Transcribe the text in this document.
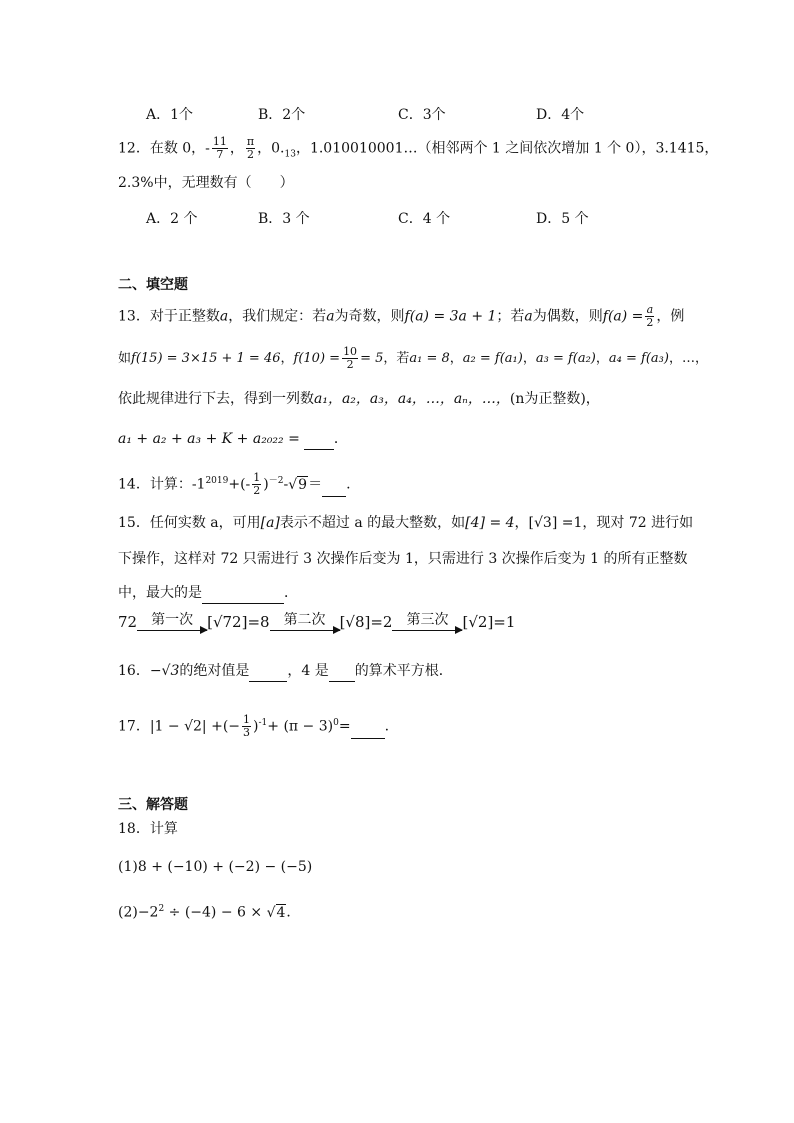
A．1个	B．2个	C．3个	D．4个
12．在数 0，- $\frac{11}{7}$ ， $\frac{\pi}{2}$ ，$0._{13}$，1.010010001…（相邻两个 1 之间依次增加 1 个 0），3.1415，
2.3%中，无理数有（　　）
A．2 个	B．3 个	C．4 个	D．5 个
二、填空题
13．对于正整数a，我们规定：若a为奇数，则f(a) = 3a + 1；若a为偶数，则$f(a) = \frac{a}{2}$ ，例
如f(15) = 3×15 + 1 = 46，$f(10) = \frac{10}{2} = 5$，若a₁ = 8，a₂ = f(a₁)，a₃ = f(a₂)，a₄ = f(a₃)，…，
依此规律进行下去，得到一列数a₁，a₂，a₃，a₄，…，aₙ，…，(n为正整数)，
a₁ + a₂ + a₃ + K + a₂₀₂₂ = ．
14．计算：$-1^{2019}+(- \frac{1}{2} )^{-2}-√9=$ .
15．任何实数 a，可用[a]表示不超过 a 的最大整数，如[4] = 4，[√3] =1，现对 72 进行如
下操作，这样对 72 只需进行 3 次操作后变为 1，只需进行 3 次操作后变为 1 的所有正整数
中，最大的是	．
72	第一次 [√72]=8	第二次 [√8]=2	第三次 [√2]=1
16．−√3的绝对值是	，4 是 的算术平方根．
17．|1 − √2| +(− $\frac{1}{3} )^{-1}+ (\pi - 3)^0=$ .
三、解答题
18．计算
(1)8 + (−10) + (−2) − (−5)
$(2)-2^2 \div (-4) - 6 \times √4$．
